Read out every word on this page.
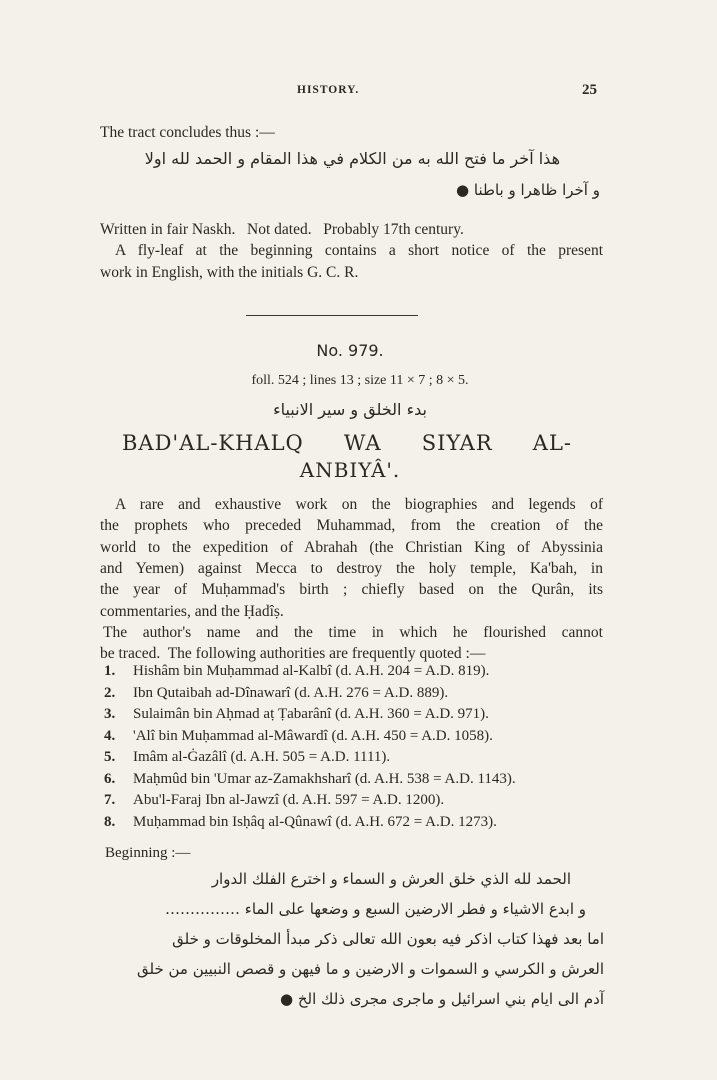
HISTORY.	25
The tract concludes thus :—
هذا آخر ما فتح الله به من الكلام في هذا المقام و الحمد لله اولا
و آخرا ظاهرا و باطنا ●
Written in fair Naskh.   Not dated.   Probably 17th century.
A fly-leaf at the beginning contains a short notice of the present
work in English, with the initials G. C. R.
No. 979.
foll. 524 ; lines 13 ; size 11 × 7 ; 8 × 5.
بدء الخلق و سير الانبياء
BAD'AL-KHALQ WA SIYAR AL-
ANBIYÂ'.
A rare and exhaustive work on the biographies and legends of
the prophets who preceded Muhammad, from the creation of the
world to the expedition of Abrahah (the Christian King of Abyssinia
and Yemen) against Mecca to destroy the holy temple, Ka'bah, in
the year of Muḥammad's birth ; chiefly based on the Qurân, its
commentaries, and the Ḥadîṣ.
The author's name and the time in which he flourished cannot
be traced.  The following authorities are frequently quoted :—
1. Hishâm bin Muḥammad al-Kalbî (d. A.H. 204 = A.D. 819).
2. Ibn Qutaibah ad-Dînawarî (d. A.H. 276 = A.D. 889).
3. Sulaimân bin Aḥmad aṭ Ṭabarânî (d. A.H. 360 = A.D. 971).
4. 'Alî bin Muḥammad al-Mâwardî (d. A.H. 450 = A.D. 1058).
5. Imâm al-Ġazâlî (d. A.H. 505 = A.D. 1111).
6. Maḥmûd bin 'Umar az-Zamakhsharî (d. A.H. 538 = A.D. 1143).
7. Abu'l-Faraj Ibn al-Jawzî (d. A.H. 597 = A.D. 1200).
8. Muḥammad bin Isḥâq al-Qûnawî (d. A.H. 672 = A.D. 1273).
Beginning :—
الحمد لله الذي خلق العرش و السماء و اخترع الفلك الدوار
و ابدع الاشياء و فطر الارضين السبع و وضعها على الماء ……………
اما بعد فهذا كتاب اذكر فيه بعون الله تعالى ذكر مبدأ المخلوقات و خلق
العرش و الكرسي و السموات و الارضين و ما فيهن و قصص النبيين من خلق
آدم الى ايام بني اسرائيل و ماجرى مجرى ذلك الخ ●
